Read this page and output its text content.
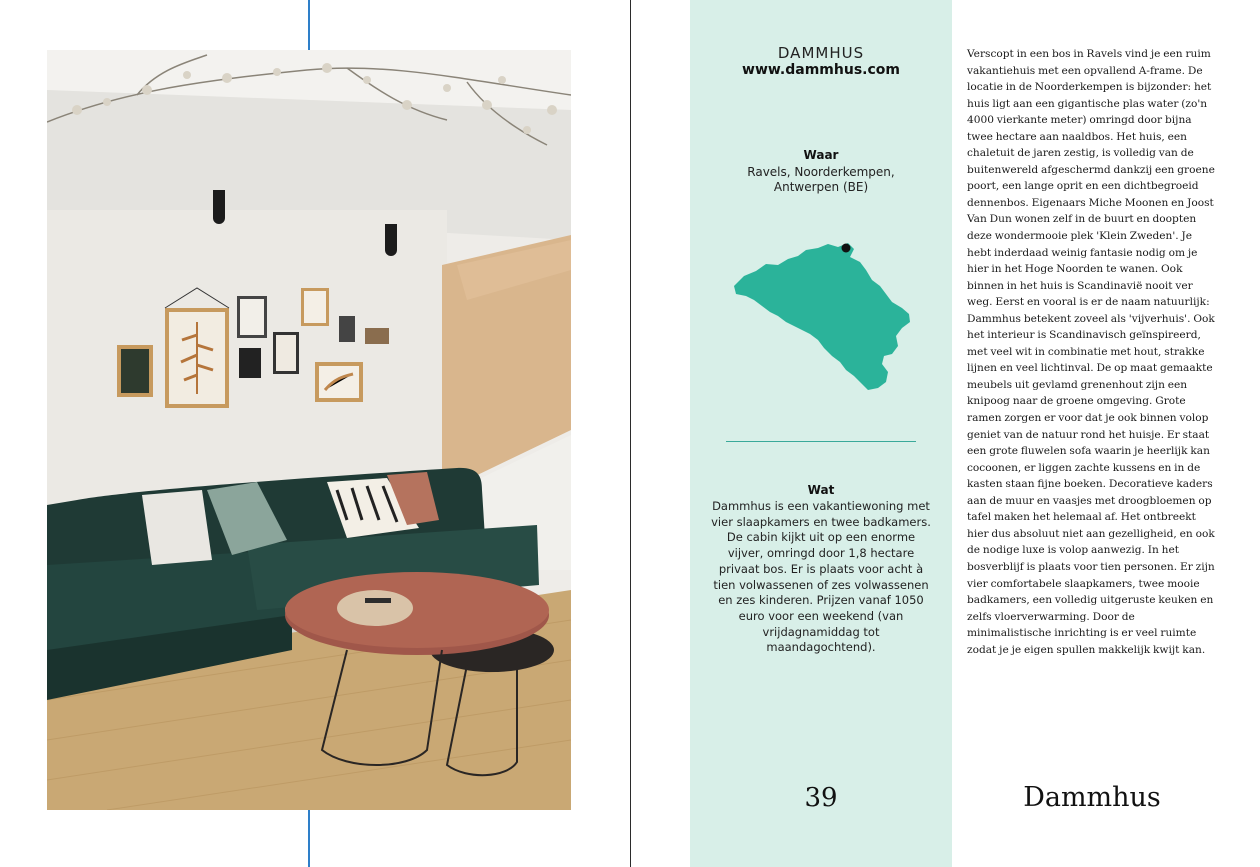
DAMMHUS
www.dammhus.com
Waar
Ravels, Noorderkempen,
Antwerpen (BE)
Wat
Dammhus is een vakantiewoning met vier slaapkamers en twee badkamers. De cabin kijkt uit op een enorme vijver, omringd door 1,8 hectare privaat bos. Er is plaats voor acht à tien volwassenen of zes volwassenen en zes kinderen. Prijzen vanaf 1050 euro voor een weekend (van vrijdagnamiddag tot maandagochtend).
39
Verscopt in een bos in Ravels vind je een ruim vakantiehuis met een opvallend A-frame. De locatie in de Noorderkempen is bijzonder: het huis ligt aan een gigantische plas water (zo'n 4000 vierkante meter) omringd door bijna twee hectare aan naaldbos. Het huis, een chaletuit de jaren zestig, is volledig van de buitenwereld afgeschermd dankzij een groene poort, een lange oprit en een dichtbegroeid dennenbos. Eigenaars Miche Moonen en Joost Van Dun wonen zelf in de buurt en doopten deze wondermooie plek 'Klein Zweden'. Je hebt inderdaad weinig fantasie nodig om je hier in het Hoge Noorden te wanen. Ook binnen in het huis is Scandinavië nooit ver weg. Eerst en vooral is er de naam natuurlijk: Dammhus betekent zoveel als 'vijverhuis'. Ook het interieur is Scandinavisch geïnspireerd, met veel wit in combinatie met hout, strakke lijnen en veel lichtinval. De op maat gemaakte meubels uit gevlamd grenenhout zijn een knipoog naar de groene omgeving. Grote ramen zorgen er voor dat je ook binnen volop geniet van de natuur rond het huisje. Er staat een grote fluwelen sofa waarin je heerlijk kan cocoonen, er liggen zachte kussens en in de kasten staan fijne boeken. Decoratieve kaders aan de muur en vaasjes met droogbloemen op tafel maken het helemaal af. Het ontbreekt hier dus absoluut niet aan gezelligheid, en ook de nodige luxe is volop aanwezig. In het bosverblijf is plaats voor tien personen. Er zijn vier comfortabele slaapkamers, twee mooie badkamers, een volledig uitgeruste keuken en zelfs vloerverwarming. Door de minimalistische inrichting is er veel ruimte zodat je je eigen spullen makkelijk kwijt kan.
Dammhus
